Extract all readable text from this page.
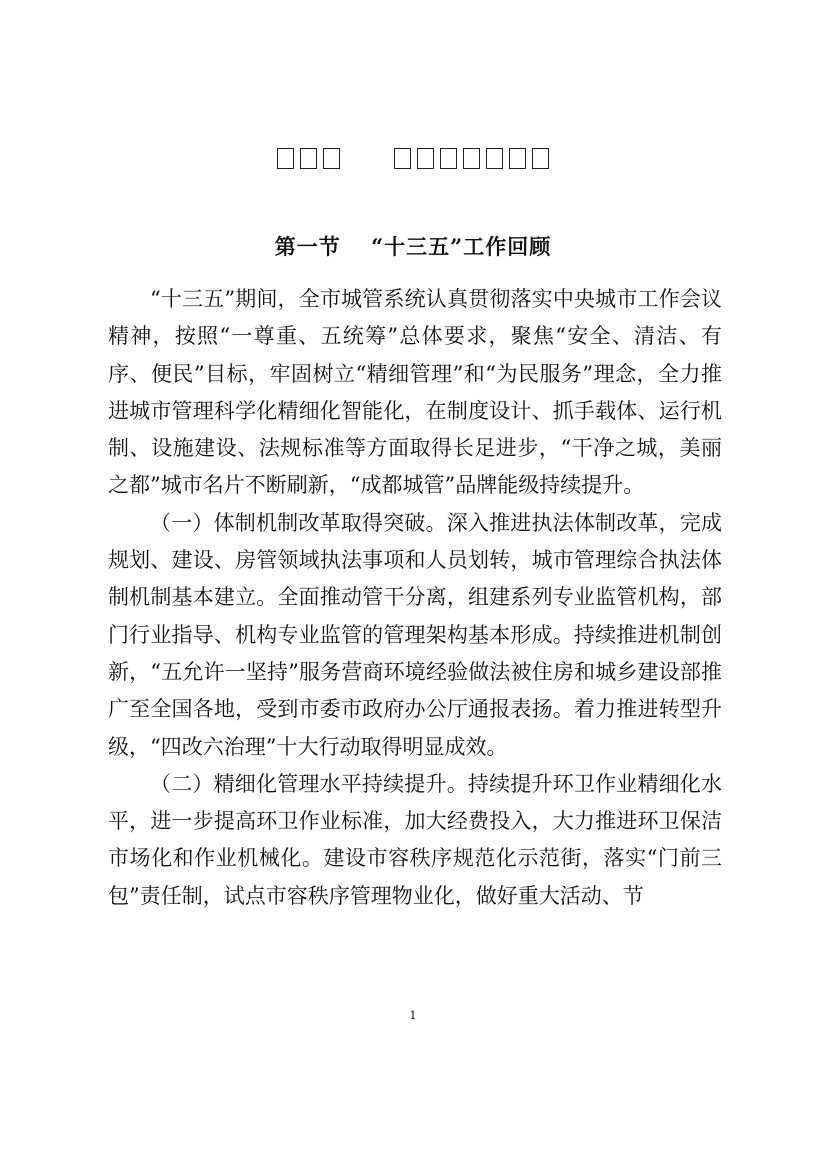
第一节　 “十三五”工作回顾

“十三五”期间，全市城管系统认真贯彻落实中央城市工作会议精神，按照“一尊重、五统筹”总体要求，聚焦“安全、清洁、有序、便民”目标，牢固树立“精细管理”和“为民服务”理念，全力推进城市管理科学化精细化智能化，在制度设计、抓手载体、运行机制、设施建设、法规标准等方面取得长足进步，“干净之城，美丽之都”城市名片不断刷新，“成都城管”品牌能级持续提升。

（一）体制机制改革取得突破。深入推进执法体制改革，完成规划、建设、房管领域执法事项和人员划转，城市管理综合执法体制机制基本建立。全面推动管干分离，组建系列专业监管机构，部门行业指导、机构专业监管的管理架构基本形成。持续推进机制创新，“五允许一坚持”服务营商环境经验做法被住房和城乡建设部推广至全国各地，受到市委市政府办公厅通报表扬。着力推进转型升级，“四改六治理”十大行动取得明显成效。

（二）精细化管理水平持续提升。持续提升环卫作业精细化水平，进一步提高环卫作业标准，加大经费投入，大力推进环卫保洁市场化和作业机械化。建设市容秩序规范化示范街，落实“门前三包”责任制，试点市容秩序管理物业化，做好重大活动、节

1
